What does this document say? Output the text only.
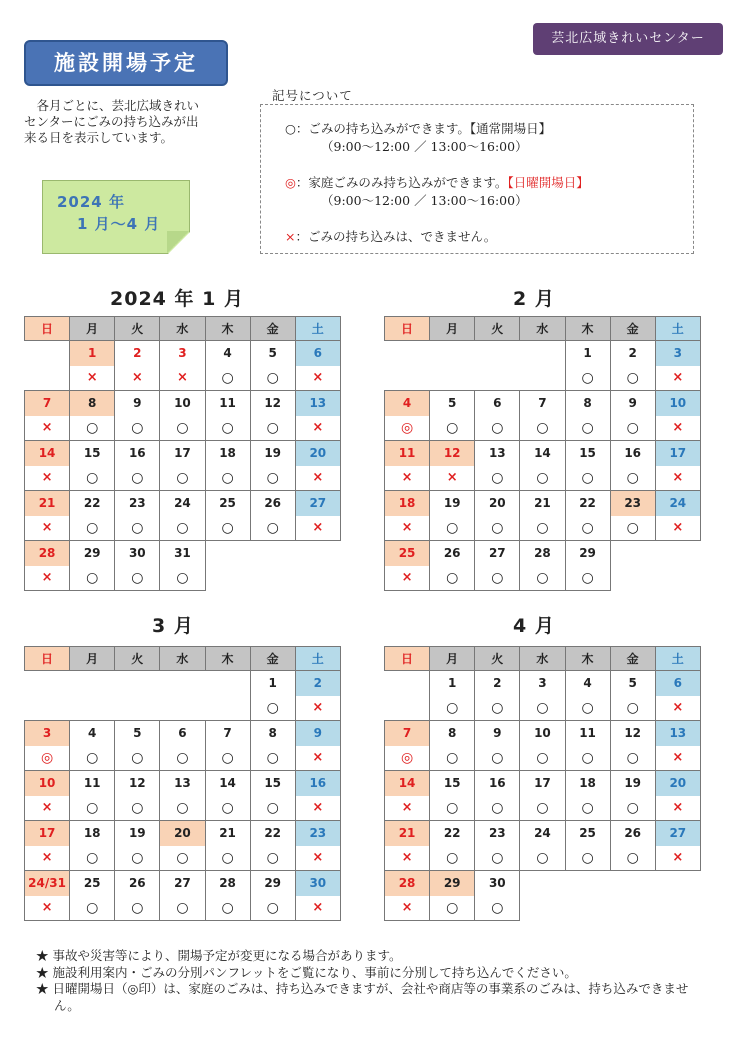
芸北広域きれいセンター
施設開場予定
各月ごとに、芸北広域きれいセンターにごみの持ち込みが出来る日を表示しています。
2024 年
1 月～4 月
記号について
○：ごみの持ち込みができます。【通常開場日】
（9:00～12:00 ／ 13:00～16:00）
◎：家庭ごみのみ持ち込みができます。【日曜開場日】
（9:00～12:00 ／ 13:00～16:00）
×：ごみの持ち込みは、できません。
2024 年 1 月	2 月
3 月	4 月
日	月	火	水	木	金	土
	1	2	3	4	5	6
	×	×	×	○	○	×
7	8	9	10	11	12	13
×	○	○	○	○	○	×
14	15	16	17	18	19	20
×	○	○	○	○	○	×
21	22	23	24	25	26	27
×	○	○	○	○	○	×
28	29	30	31			
×	○	○	○			
日	月	火	水	木	金	土
				1	2	3
				○	○	×
4	5	6	7	8	9	10
◎	○	○	○	○	○	×
11	12	13	14	15	16	17
×	×	○	○	○	○	×
18	19	20	21	22	23	24
×	○	○	○	○	○	×
25	26	27	28	29		
×	○	○	○	○		
日	月	火	水	木	金	土
					1	2
					○	×
3	4	5	6	7	8	9
◎	○	○	○	○	○	×
10	11	12	13	14	15	16
×	○	○	○	○	○	×
17	18	19	20	21	22	23
×	○	○	○	○	○	×
24/31	25	26	27	28	29	30
×	○	○	○	○	○	×
日	月	火	水	木	金	土
	1	2	3	4	5	6
	○	○	○	○	○	×
7	8	9	10	11	12	13
◎	○	○	○	○	○	×
14	15	16	17	18	19	20
×	○	○	○	○	○	×
21	22	23	24	25	26	27
×	○	○	○	○	○	×
28	29	30				
×	○	○				
★ 事故や災害等により、開場予定が変更になる場合があります。
★ 施設利用案内・ごみの分別パンフレットをご覧になり、事前に分別して持ち込んでください。
★ 日曜開場日（◎印）は、家庭のごみは、持ち込みできますが、会社や商店等の事業系のごみは、持ち込みできません。
